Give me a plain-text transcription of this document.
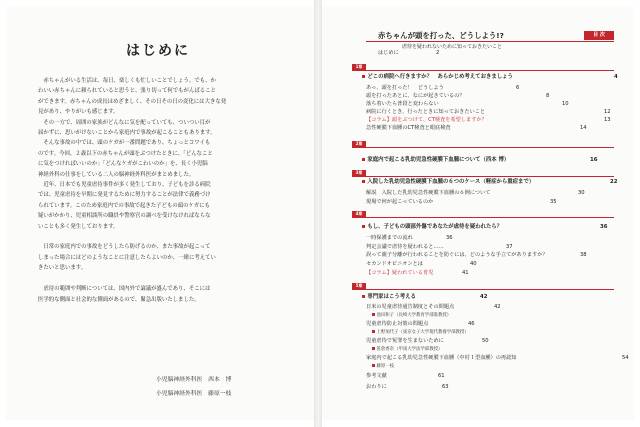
はじめに

赤ちゃんがいる生活は、毎日、楽しくも忙しいことでしょう。でも、か

わいい赤ちゃんに頼られていると思うと、張り切って何でもがんばること

ができます。赤ちゃんの成長はめざましく、その日その日の変化には大きな発

見があり、やりがいも感じます。

その一方で、周囲の家族がどんなに気を配っていても、ついつい目が

届かずに、思いがけないことから家庭内で事故が起こることもあります。

そんな事故の中では、頭のケガが一番問題であり、ちょっとコワイも

のです。今回、２歳以下の赤ちゃんが頭をぶつけたときに、「どんなこと

に気をつければいいのか」「どんなケガがこわいのか」を、長く小児脳

神経外科の仕事をしている二人の脳神経外科医がまとめました。

近年、日本でも児童虐待事件が多く発生しており、子どもを診る病院

では、児童虐待を早期に発見するために努力することが法律で義務づけ

られています。このため家庭内での事故で起きた子どもの頭のケガにも

疑いがかかり、児童相談所の職員や警察官の調べを受けなければならな

いことも多く発生しております。

日常の家庭内での事故をどうしたら防げるのか、また事故が起こって

しまった場合にはどのようなことに注意したらよいのか、一緒に考えてい

きたいと思います。

虐待の範囲や判断については、国内外で論議が盛んであり、そこには

医学的な側面と社会的な側面があるので、緊急出版いたしました。

小児脳神経外科医　西本　博
小児脳神経外科医　藤原一枝
赤ちゃんが頭を打った、どうしよう!?	目 次
虐待を疑われないために知っておきたいこと
はじめに	2
1章
どこの病院へ行きますか？　あらかじめ考えておきましょう	4
あっ、頭を打った！　どうしよう	6
頭を打ったあとに、なにが起きているの？	8
落ち着いたら普段と変わらない	10
病院に行くとき、行ったときに知っておきたいこと	12
【コラム】頭をぶつけて、CT検査を希望しますか？	13
急性硬膜下血腫のCT検査と眼底検査	14
2章
家庭内で起こる乳幼児急性硬膜下血腫について（西本 博）	16
3章
入院した乳幼児急性硬膜下血腫の６つのケース（軽症から重症まで）	22
解説　入院した乳幼児急性硬膜下血腫の６例について	30
現場で何が起こっているのか	35
4章
もし、子どもの頭部外傷であなたが虐待を疑われたら？	36
一時保護までの流れ	36
判定会議で虐待を疑われると……	37
誤って親子分離が行われることを防ぐには、どのような手立てがありますか？	38
セカンドオピニオンとは	40
【コラム】疑われている育児	41
5章
専門家はこう考える	42
日米の児童虐待通告制度とその問題点	42
池田和子（長崎大学教育学部准教授）
児童虐待防止対策の問題点	46
上野加代子（東京女子大学現代教養学部教授）
児童虐待で冤罪を生まないために	50
笹倉香奈（甲南大学法学部教授）
家庭内で起こる乳幼児急性硬膜下血腫（中村Ｉ型血腫）の再認知	54
藤原一枝
参考文献	61
おわりに	63
